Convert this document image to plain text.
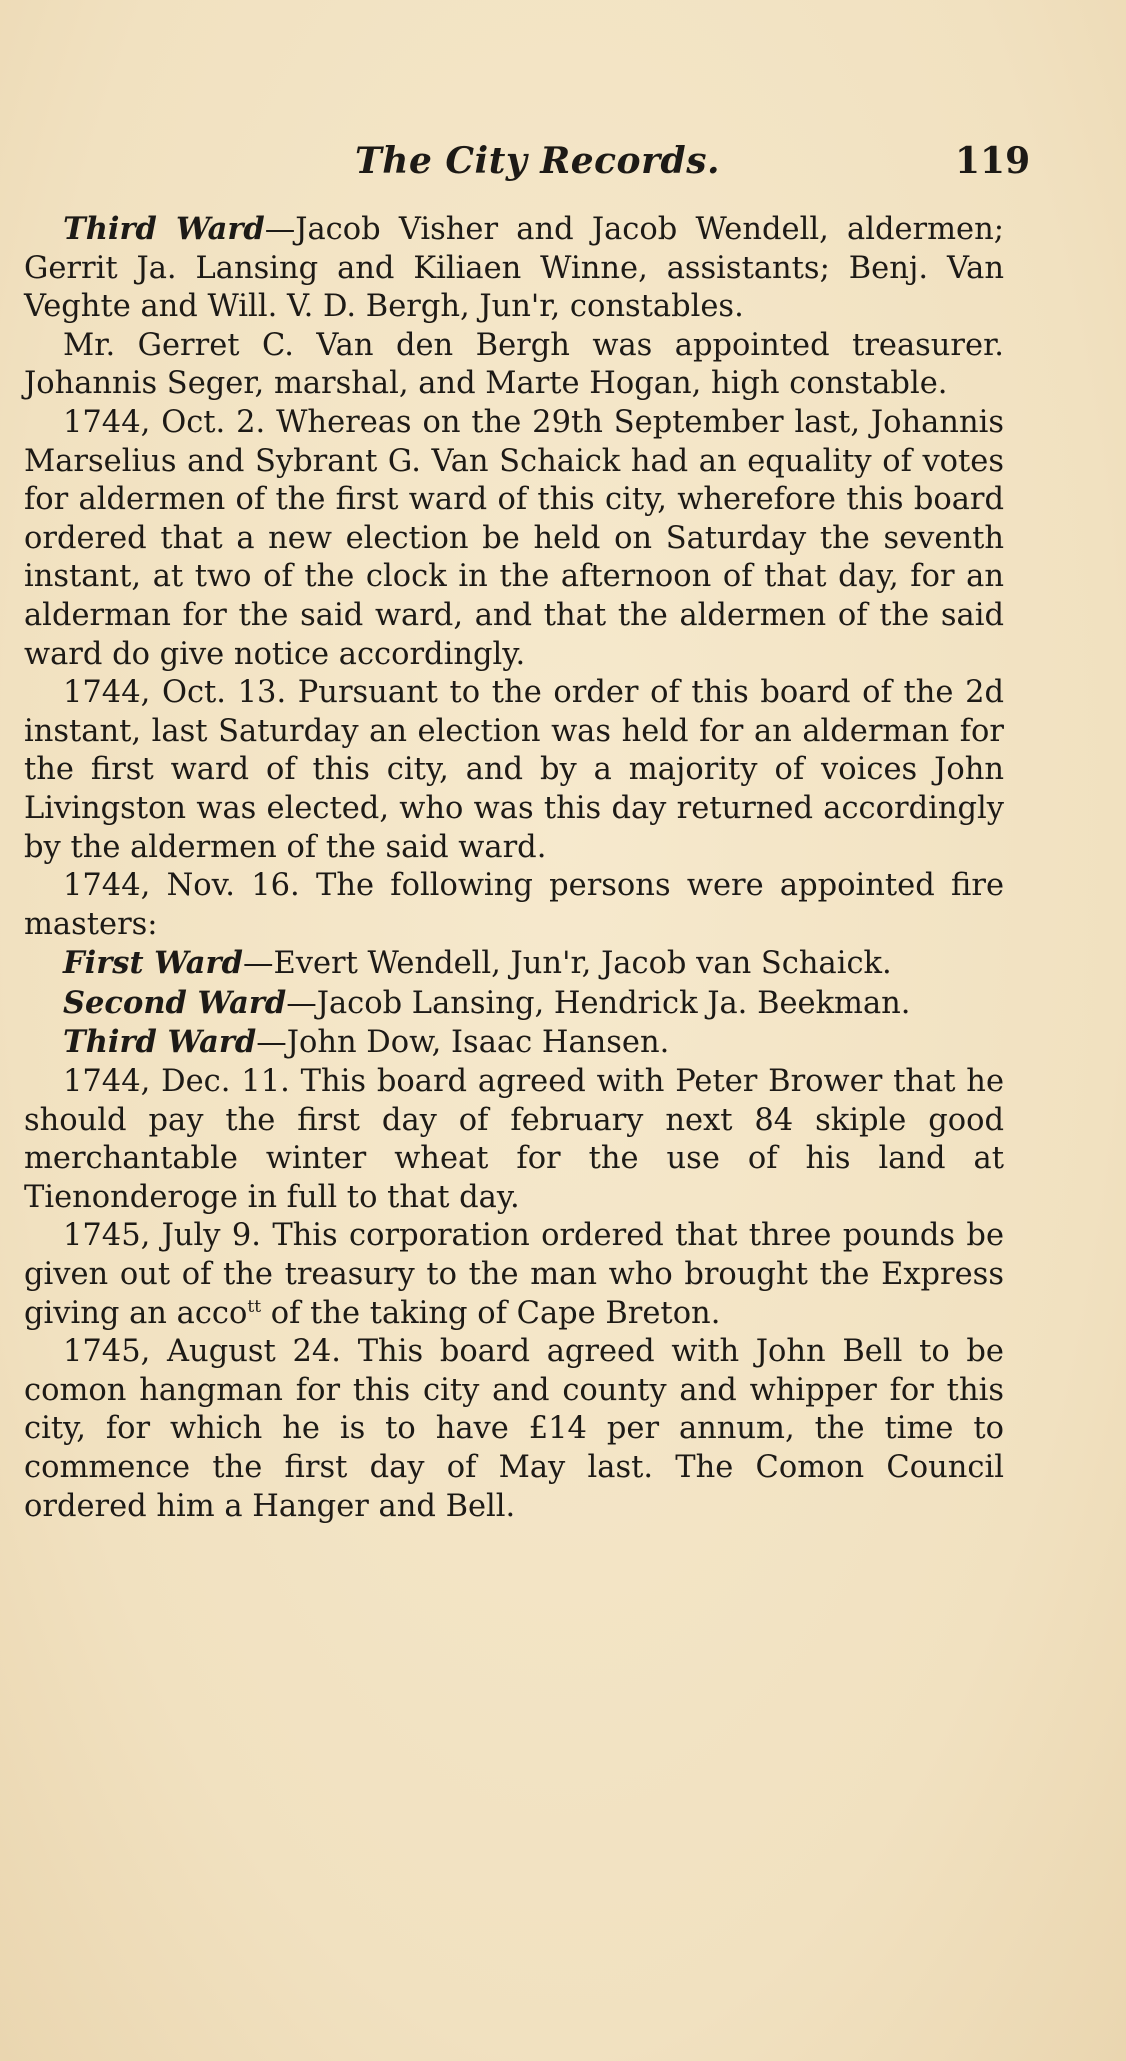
The City Records.	119

Third Ward—Jacob Visher and Jacob Wendell, aldermen; Gerrit Ja. Lansing and Kiliaen Winne, assistants; Benj. Van Veghte and Will. V. D. Bergh, Jun'r, constables.

Mr. Gerret C. Van den Bergh was appointed treasurer. Johannis Seger, marshal, and Marte Hogan, high constable.

1744, Oct. 2. Whereas on the 29th September last, Johannis Marselius and Sybrant G. Van Schaick had an equality of votes for aldermen of the first ward of this city, wherefore this board ordered that a new election be held on Saturday the seventh instant, at two of the clock in the afternoon of that day, for an alderman for the said ward, and that the aldermen of the said ward do give notice accordingly.

1744, Oct. 13. Pursuant to the order of this board of the 2d instant, last Saturday an election was held for an alderman for the first ward of this city, and by a majority of voices John Livingston was elected, who was this day returned accordingly by the aldermen of the said ward.

1744, Nov. 16. The following persons were appointed fire masters:

First Ward—Evert Wendell, Jun'r, Jacob van Schaick.

Second Ward—Jacob Lansing, Hendrick Ja. Beekman.

Third Ward—John Dow, Isaac Hansen.

1744, Dec. 11. This board agreed with Peter Brower that he should pay the first day of february next 84 skiple good merchantable winter wheat for the use of his land at Tienonderoge in full to that day.

1745, July 9. This corporation ordered that three pounds be given out of the treasury to the man who brought the Express giving an acco$^{tt}$ of the taking of Cape Breton.

1745, August 24. This board agreed with John Bell to be comon hangman for this city and county and whipper for this city, for which he is to have £14 per annum, the time to commence the first day of May last. The Comon Council ordered him a Hanger and Bell.
